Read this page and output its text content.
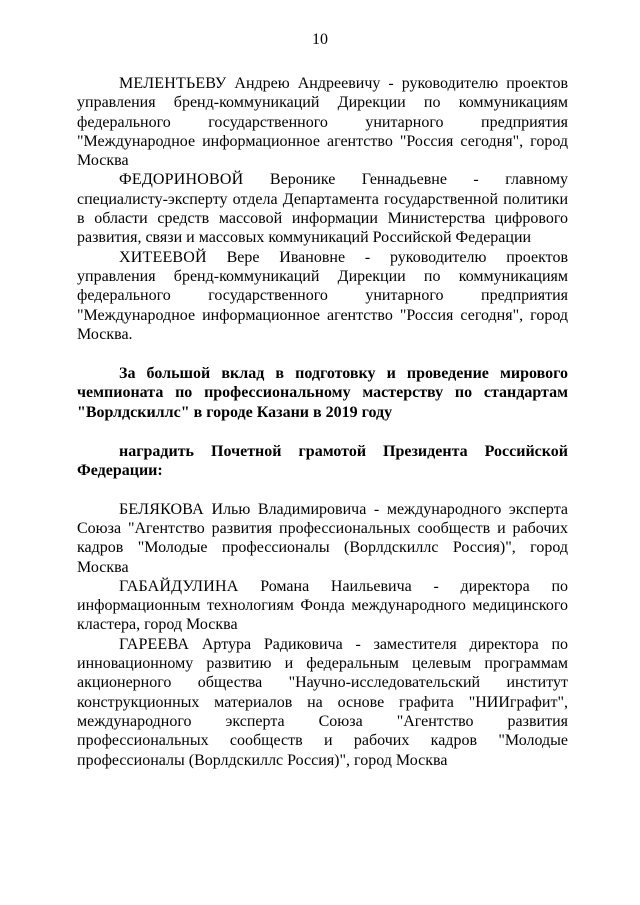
10

МЕЛЕНТЬЕВУ Андрею Андреевичу - руководителю проектов управления бренд-коммуникаций Дирекции по коммуникациям федерального государственного унитарного предприятия "Международное информационное агентство "Россия сегодня", город Москва

ФЕДОРИНОВОЙ Веронике Геннадьевне - главному специалисту-эксперту отдела Департамента государственной политики в области средств массовой информации Министерства цифрового развития, связи и массовых коммуникаций Российской Федерации

ХИТЕЕВОЙ Вере Ивановне - руководителю проектов управления бренд-коммуникаций Дирекции по коммуникациям федерального государственного унитарного предприятия "Международное информационное агентство "Россия сегодня", город Москва.

За большой вклад в подготовку и проведение мирового чемпионата по профессиональному мастерству по стандартам "Ворлдскиллс" в городе Казани в 2019 году

наградить Почетной грамотой Президента Российской Федерации:

БЕЛЯКОВА Илью Владимировича - международного эксперта Союза "Агентство развития профессиональных сообществ и рабочих кадров "Молодые профессионалы (Ворлдскиллс Россия)", город Москва

ГАБАЙДУЛИНА Романа Наильевича - директора по информационным технологиям Фонда международного медицинского кластера, город Москва

ГАРЕЕВА Артура Радиковича - заместителя директора по инновационному развитию и федеральным целевым программам акционерного общества "Научно-исследовательский институт конструкционных материалов на основе графита "НИИграфит", международного эксперта Союза "Агентство развития профессиональных сообществ и рабочих кадров "Молодые профессионалы (Ворлдскиллс Россия)", город Москва
